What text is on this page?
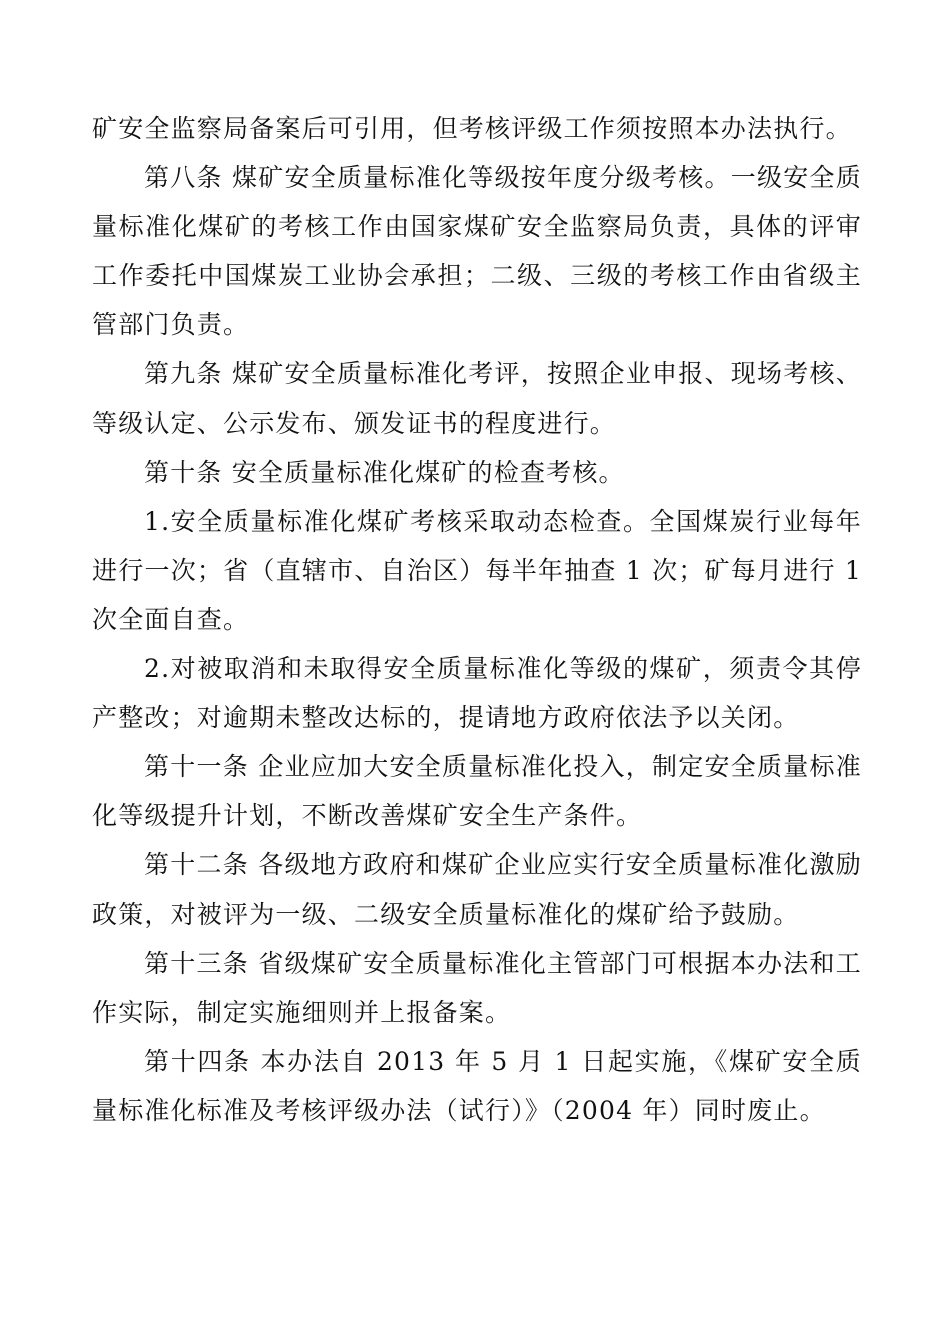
矿安全监察局备案后可引用，但考核评级工作须按照本办法执行。

第八条 煤矿安全质量标准化等级按年度分级考核。一级安全质量标准化煤矿的考核工作由国家煤矿安全监察局负责，具体的评审工作委托中国煤炭工业协会承担；二级、三级的考核工作由省级主管部门负责。

第九条 煤矿安全质量标准化考评，按照企业申报、现场考核、等级认定、公示发布、颁发证书的程度进行。

第十条 安全质量标准化煤矿的检查考核。

1.安全质量标准化煤矿考核采取动态检查。全国煤炭行业每年进行一次；省（直辖市、自治区）每半年抽查 1 次；矿每月进行 1 次全面自查。

2.对被取消和未取得安全质量标准化等级的煤矿，须责令其停产整改；对逾期未整改达标的，提请地方政府依法予以关闭。

第十一条 企业应加大安全质量标准化投入，制定安全质量标准化等级提升计划，不断改善煤矿安全生产条件。

第十二条 各级地方政府和煤矿企业应实行安全质量标准化激励政策，对被评为一级、二级安全质量标准化的煤矿给予鼓励。

第十三条 省级煤矿安全质量标准化主管部门可根据本办法和工作实际，制定实施细则并上报备案。

第十四条 本办法自 2013 年 5 月 1 日起实施，《煤矿安全质量标准化标准及考核评级办法（试行）》（2004 年）同时废止。
